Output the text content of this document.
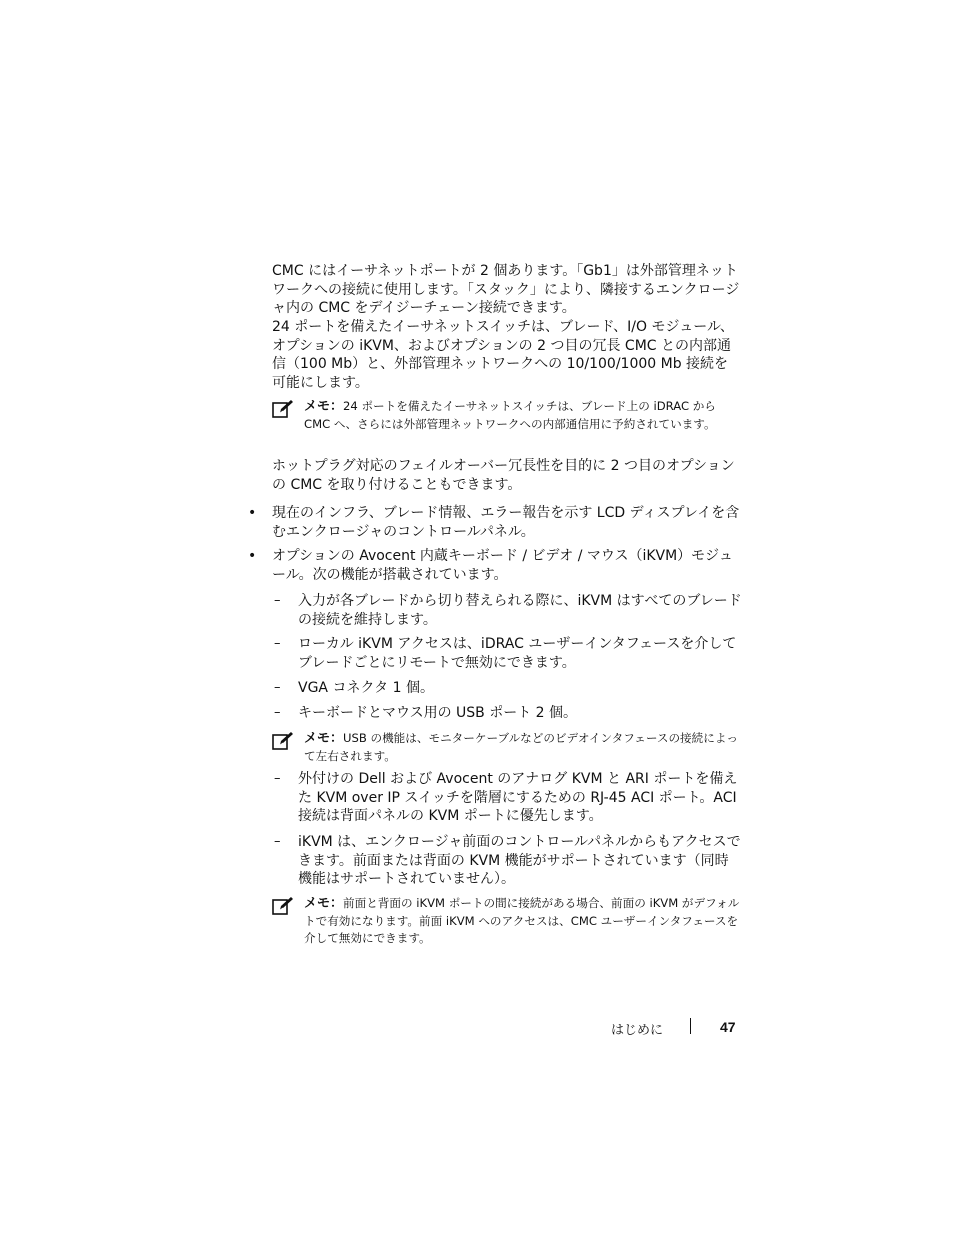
CMC にはイーサネットポートが 2 個あります。「Gb1」は外部管理ネットワークへの接続に使用します。「スタック」により、隣接するエンクロージャ内の CMC をデイジーチェーン接続できます。

24 ポートを備えたイーサネットスイッチは、ブレード、I/O モジュール、オプションの iKVM、およびオプションの 2 つ目の冗長 CMC との内部通信（100 Mb）と、外部管理ネットワークへの 10/100/1000 Mb 接続を可能にします。

メモ：24 ポートを備えたイーサネットスイッチは、ブレード上の iDRAC から CMC へ、さらには外部管理ネットワークへの内部通信用に予約されています。

ホットプラグ対応のフェイルオーバー冗長性を目的に 2 つ目のオプションの CMC を取り付けることもできます。

• 現在のインフラ、ブレード情報、エラー報告を示す LCD ディスプレイを含むエンクロージャのコントロールパネル。

• オプションの Avocent 内蔵キーボード / ビデオ / マウス（iKVM）モジュール。次の機能が搭載されています。

– 入力が各ブレードから切り替えられる際に、iKVM はすべてのブレードの接続を維持します。

– ローカル iKVM アクセスは、iDRAC ユーザーインタフェースを介してブレードごとにリモートで無効にできます。

– VGA コネクタ 1 個。

– キーボードとマウス用の USB ポート 2 個。

メモ：USB の機能は、モニターケーブルなどのビデオインタフェースの接続によって左右されます。

– 外付けの Dell および Avocent のアナログ KVM と ARI ポートを備えた KVM over IP スイッチを階層にするための RJ-45 ACI ポート。ACI 接続は背面パネルの KVM ポートに優先します。

– iKVM は、エンクロージャ前面のコントロールパネルからもアクセスできます。前面または背面の KVM 機能がサポートされています（同時機能はサポートされていません）。

メモ：前面と背面の iKVM ポートの間に接続がある場合、前面の iKVM がデフォルトで有効になります。前面 iKVM へのアクセスは、CMC ユーザーインタフェースを介して無効にできます。

はじめに	47
